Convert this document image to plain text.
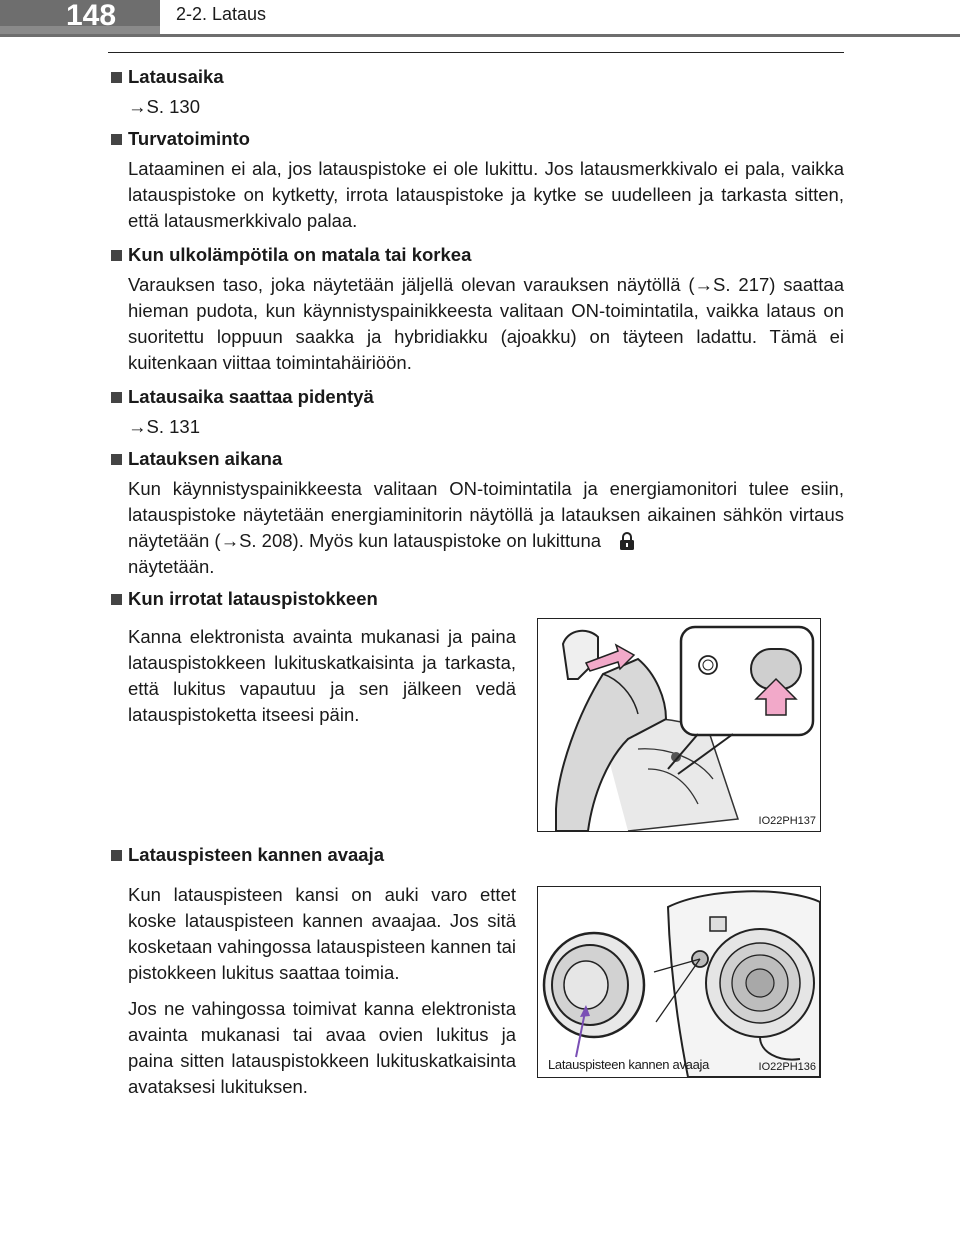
148	2-2. Lataus
Latausaika
→S. 130
Turvatoiminto
Lataaminen ei ala, jos latauspistoke ei ole lukittu. Jos latausmerkkivalo ei pala, vaikka latauspistoke on kytketty, irrota latauspistoke ja kytke se uudelleen ja tarkasta sitten, että latausmerkkivalo palaa.
Kun ulkolämpötila on matala tai korkea
Varauksen taso, joka näytetään jäljellä olevan varauksen näytöllä (→S. 217) saattaa hieman pudota, kun käynnistyspainikkeesta valitaan ON-toimintatila, vaikka lataus on suoritettu loppuun saakka ja hybridiakku (ajoakku) on täyteen ladattu. Tämä ei kuitenkaan viittaa toimintahäiriöön.
Latausaika saattaa pidentyä
→S. 131
Latauksen aikana
Kun käynnistyspainikkeesta valitaan ON-toimintatila ja energiamonitori tulee esiin, latauspistoke näytetään energiaminitorin näytöllä ja latauksen aikainen sähkön virtaus näytetään (→S. 208). Myös kun latauspistoke on lukittuna
näytetään.
Kun irrotat latauspistokkeen
Kanna elektronista avainta mukanasi ja paina latauspistokkeen lukituskatkaisinta ja tarkasta, että lukitus vapautuu ja sen jälkeen vedä latauspistoketta itseesi päin.
IO22PH137
Latauspisteen kannen avaaja
Kun latauspisteen kansi on auki varo ettet koske latauspisteen kannen avaajaa. Jos sitä kosketaan vahingossa latauspisteen kannen tai pistokkeen lukitus saattaa toimia.
Jos ne vahingossa toimivat kanna elektronista avainta mukanasi tai avaa ovien lukitus ja paina sitten latauspistokkeen lukituskatkaisinta avataksesi lukituksen.
Latauspisteen kannen avaaja	IO22PH136
